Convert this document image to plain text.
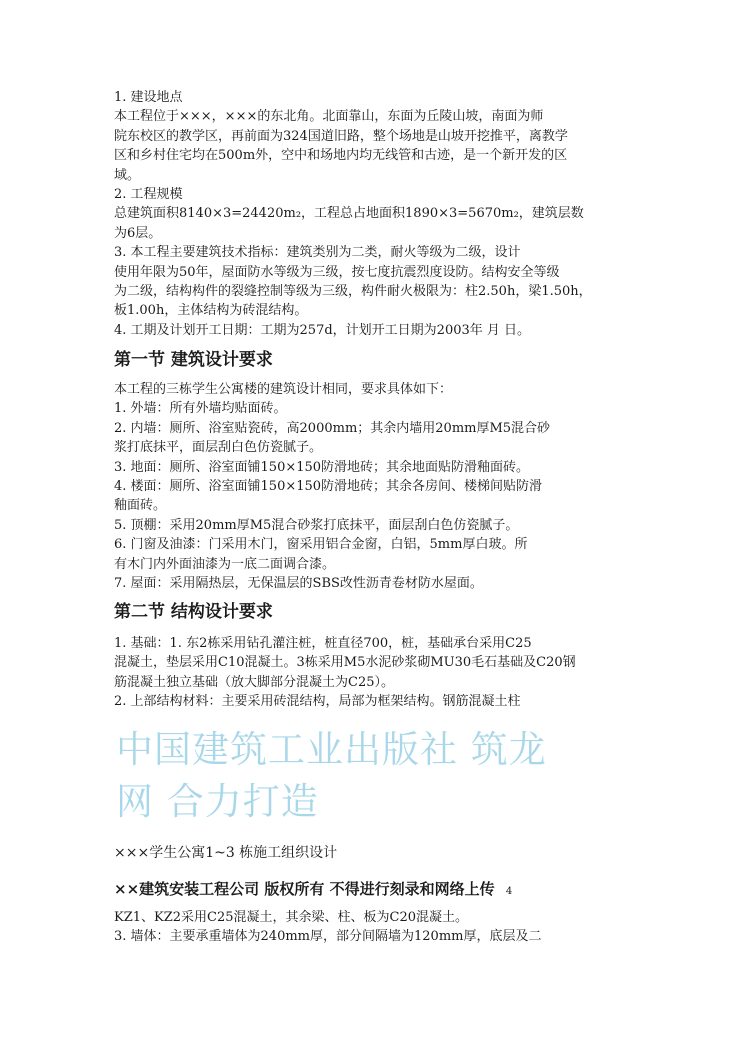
1. 建设地点
本工程位于×××，×××的东北角。北面靠山，东面为丘陵山坡，南面为师
院东校区的教学区，再前面为324国道旧路，整个场地是山坡开挖推平，离教学
区和乡村住宅均在500m外，空中和场地内均无线管和古迹，是一个新开发的区
域。
2. 工程规模
总建筑面积8140×3=24420m₂，工程总占地面积1890×3=5670m₂，建筑层数
为6层。
3. 本工程主要建筑技术指标：建筑类别为二类，耐火等级为二级，设计
使用年限为50年，屋面防水等级为三级，按七度抗震烈度设防。结构安全等级
为二级，结构构件的裂缝控制等级为三级，构件耐火极限为：柱2.50h，梁1.50h，
板1.00h，主体结构为砖混结构。
4. 工期及计划开工日期：工期为257d，计划开工日期为2003年 月 日。
第一节 建筑设计要求
本工程的三栋学生公寓楼的建筑设计相同，要求具体如下：
1. 外墙：所有外墙均贴面砖。
2. 内墙：厕所、浴室贴瓷砖，高2000mm；其余内墙用20mm厚M5混合砂
浆打底抹平，面层刮白色仿瓷腻子。
3. 地面：厕所、浴室面铺150×150防滑地砖；其余地面贴防滑釉面砖。
4. 楼面：厕所、浴室面铺150×150防滑地砖；其余各房间、楼梯间贴防滑
釉面砖。
5. 顶棚：采用20mm厚M5混合砂浆打底抹平，面层刮白色仿瓷腻子。
6. 门窗及油漆：门采用木门，窗采用铝合金窗，白铝，5mm厚白玻。所
有木门内外面油漆为一底二面调合漆。
7. 屋面：采用隔热层，无保温层的SBS改性沥青卷材防水屋面。
第二节 结构设计要求
1. 基础：1. 东2栋采用钻孔灌注桩，桩直径700，桩，基础承台采用C25
混凝土，垫层采用C10混凝土。3栋采用M5水泥砂浆砌MU30毛石基础及C20钢
筋混凝土独立基础（放大脚部分混凝土为C25）。
2. 上部结构材料：主要采用砖混结构，局部为框架结构。钢筋混凝土柱
中国建筑工业出版社 筑龙
网 合力打造
×××学生公寓1~3 栋施工组织设计
××建筑安装工程公司 版权所有 不得进行刻录和网络上传 4
KZ1、KZ2采用C25混凝土，其余梁、柱、板为C20混凝土。
3. 墙体：主要承重墙体为240mm厚，部分间隔墙为120mm厚，底层及二
